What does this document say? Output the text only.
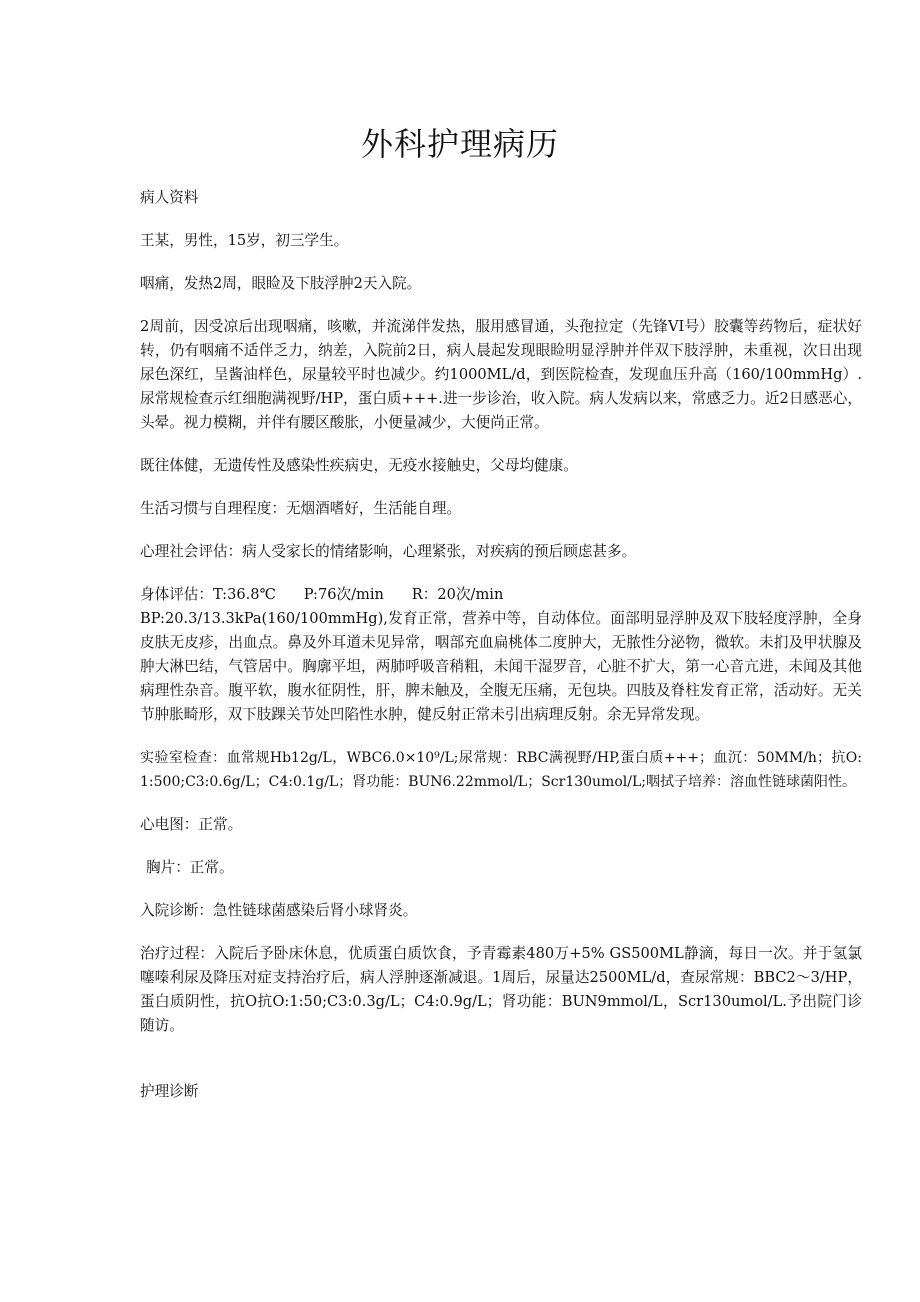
外科护理病历

病人资料

王某，男性，15岁，初三学生。

咽痛，发热2周，眼睑及下肢浮肿2天入院。

2周前，因受凉后出现咽痛，咳嗽，并流涕伴发热，服用感冒通，头孢拉定（先锋VI号）胶囊等药物后，症状好转，仍有咽痛不适伴乏力，纳差，入院前2日，病人晨起发现眼睑明显浮肿并伴双下肢浮肿，未重视，次日出现尿色深红，呈酱油样色，尿量较平时也减少。约1000ML/d，到医院检查，发现血压升高（160/100mmHg）.尿常规检查示红细胞满视野/HP，蛋白质+++.进一步诊治，收入院。病人发病以来，常感乏力。近2日感恶心，头晕。视力模糊，并伴有腰区酸胀，小便量减少，大便尚正常。

既往体健，无遗传性及感染性疾病史，无疫水接触史，父母均健康。

生活习惯与自理程度：无烟酒嗜好，生活能自理。

心理社会评估：病人受家长的情绪影响，心理紧张，对疾病的预后顾虑甚多。

身体评估：T:36.8℃      P:76次/min      R：20次/min
BP:20.3/13.3kPa(160/100mmHg),发育正常，营养中等，自动体位。面部明显浮肿及双下肢轻度浮肿，全身皮肤无皮疹，出血点。鼻及外耳道未见异常，咽部充血扁桃体二度肿大，无脓性分泌物，微软。未扪及甲状腺及肿大淋巴结，气管居中。胸廓平坦，两肺呼吸音稍粗，未闻干湿罗音，心脏不扩大，第一心音亢进，未闻及其他病理性杂音。腹平软，腹水征阴性，肝，脾未触及，全腹无压痛，无包块。四肢及脊柱发育正常，活动好。无关节肿胀畸形，双下肢踝关节处凹陷性水肿，健反射正常未引出病理反射。余无异常发现。

实验室检查：血常规Hb12g/L，WBC6.0×10⁹/L;尿常规：RBC满视野/HP,蛋白质+++；血沉：50MM/h；抗O:1:500;C3:0.6g/L；C4:0.1g/L；肾功能：BUN6.22mmol/L；Scr130umol/L;咽拭子培养：溶血性链球菌阳性。

心电图：正常。

胸片：正常。

入院诊断：急性链球菌感染后肾小球肾炎。

治疗过程：入院后予卧床休息，优质蛋白质饮食，予青霉素480万+5% GS500ML静滴，每日一次。并于氢氯噻嗪利尿及降压对症支持治疗后，病人浮肿逐渐减退。1周后，尿量达2500ML/d，查尿常规：BBC2～3/HP，蛋白质阴性，抗O抗O:1:50;C3:0.3g/L；C4:0.9g/L；肾功能：BUN9mmol/L，Scr130umol/L.予出院门诊随访。

护理诊断
